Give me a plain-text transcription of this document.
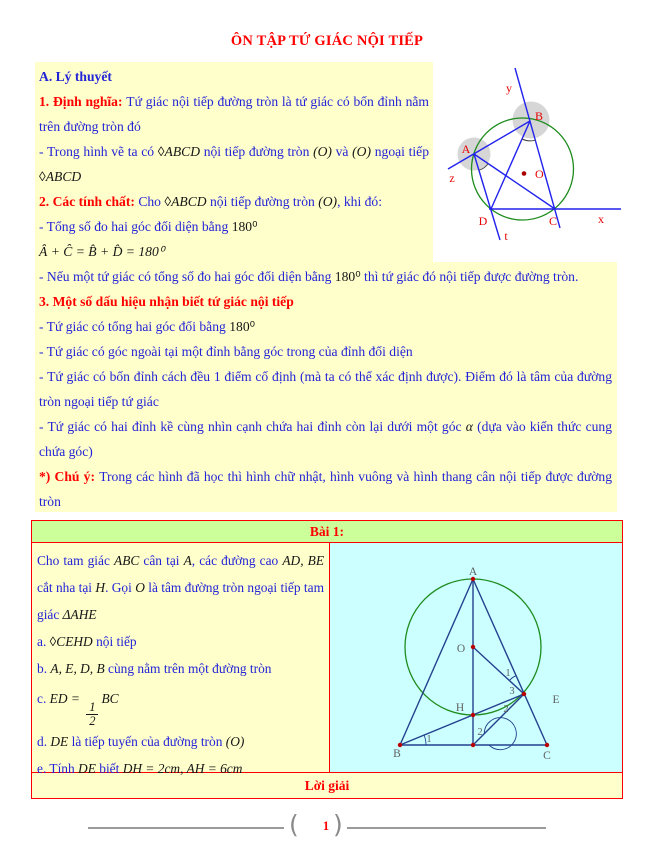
ÔN TẬP TỨ GIÁC NỘI TIẾP

A. Lý thuyết

1. Định nghĩa: Tứ giác nội tiếp đường tròn là tứ giác có bốn đỉnh nằm trên đường tròn đó

- Trong hình vẽ ta có ◊ABCD nội tiếp đường tròn (O) và (O) ngoại tiếp ◊ABCD

2. Các tính chất: Cho ◊ABCD nội tiếp đường tròn (O), khi đó:

- Tổng số đo hai góc đối diện bằng 180⁰

Â + Ĉ = B̂ + D̂ = 180⁰

- Nếu một tứ giác có tổng số đo hai góc đối diện bằng 180⁰ thì tứ giác đó nội tiếp được đường tròn.

3. Một số dấu hiệu nhận biết tứ giác nội tiếp

- Tứ giác có tổng hai góc đối bằng 180⁰

- Tứ giác có góc ngoài tại một đỉnh bằng góc trong của đỉnh đối diện

- Tứ giác có bốn đỉnh cách đều 1 điểm cố định (mà ta có thể xác định được). Điểm đó là tâm của đường tròn ngoại tiếp tứ giác

- Tứ giác có hai đỉnh kề cùng nhìn cạnh chứa hai đỉnh còn lại dưới một góc α (dựa vào kiến thức cung chứa góc)

*) Chú ý: Trong các hình đã học thì hình chữ nhật, hình vuông và hình thang cân nội tiếp được đường tròn

A
B
C
D
O
x
y
z
t
Bài 1:

Cho tam giác ABC cân tại A, các đường cao AD, BE cắt nha tại H. Gọi O là tâm đường tròn ngoại tiếp tam giác ΔAHE

a. ◊CEHD nội tiếp

b. A, E, D, B cùng nằm trên một đường tròn

c. ED =
$\frac{1}{2}$
BC

d. DE là tiếp tuyến của đường tròn (O)

e. Tính DE biết DH = 2cm, AH = 6cm

A
O
H
E
B	C
1
3
2
2
1
Lời giải
( )
1
